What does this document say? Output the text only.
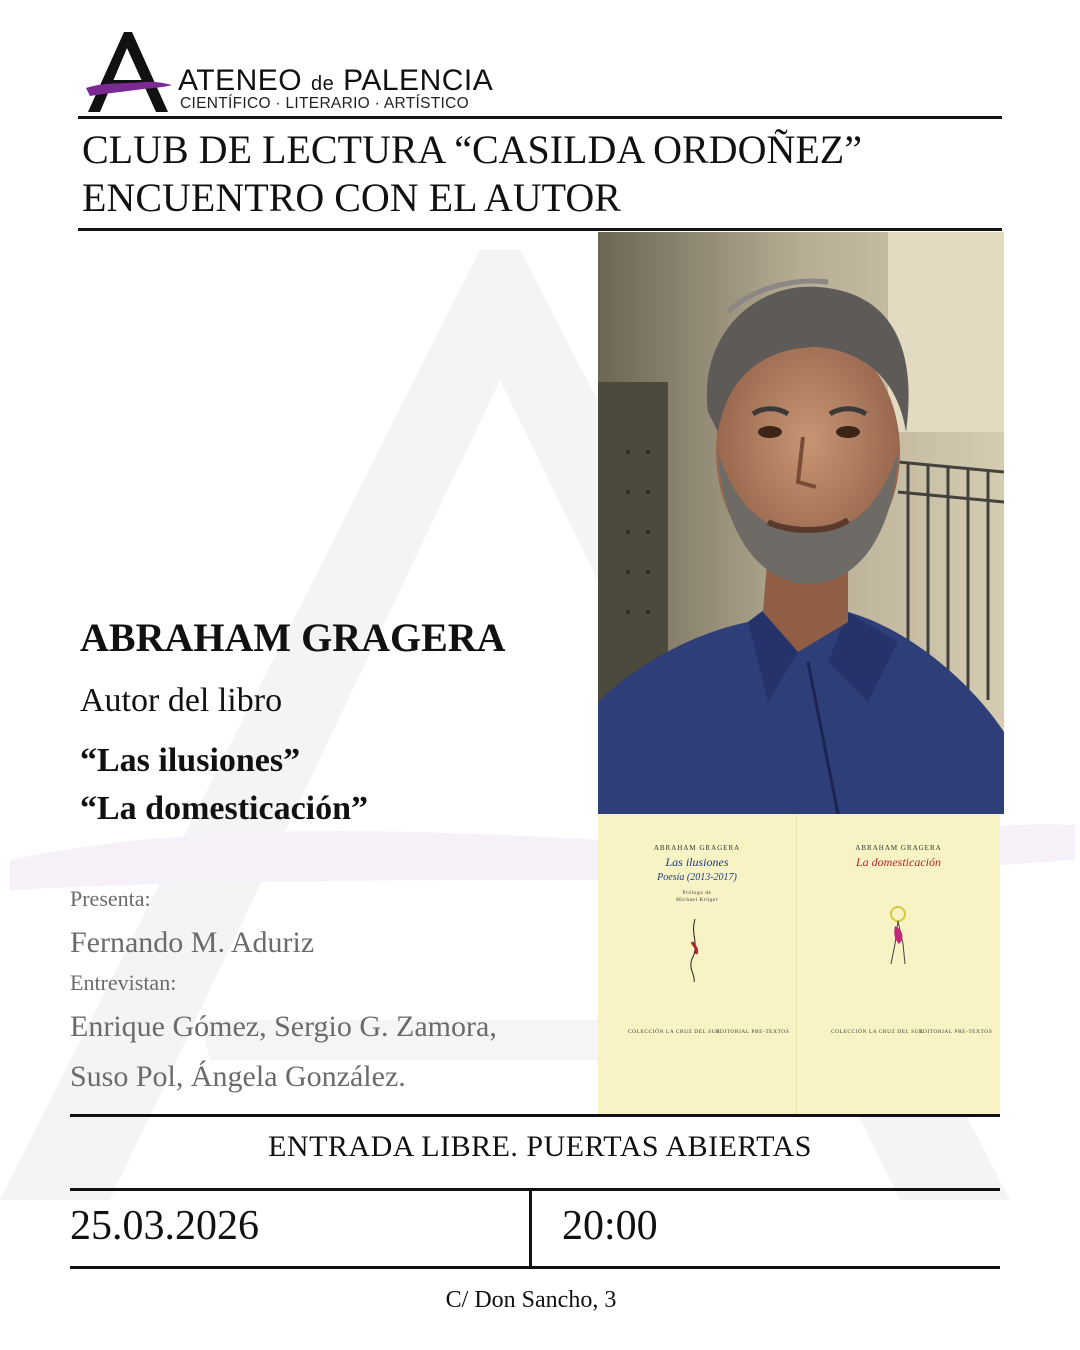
ATENEO de PALENCIA
CIENTÍFICO · LITERARIO · ARTÍSTICO
CLUB DE LECTURA “CASILDA ORDOÑEZ”
ENCUENTRO CON EL AUTOR
ABRAHAM GRAGERA
Las ilusiones
Poesía (2013-2017)
Prólogo de
Michael Krüger
COLECCIÓN LA CRUZ DEL SUR
EDITORIAL PRE-TEXTOS
ABRAHAM GRAGERA
La domesticación
COLECCIÓN LA CRUZ DEL SUR
EDITORIAL PRE-TEXTOS
ABRAHAM GRAGERA
Autor del libro
“Las ilusiones”
“La domesticación”
Presenta:
Fernando M. Aduriz
Entrevistan:
Enrique Gómez, Sergio G. Zamora,
Suso Pol, Ángela González.
ENTRADA LIBRE. PUERTAS ABIERTAS
25.03.2026	20:00
C/ Don Sancho, 3
